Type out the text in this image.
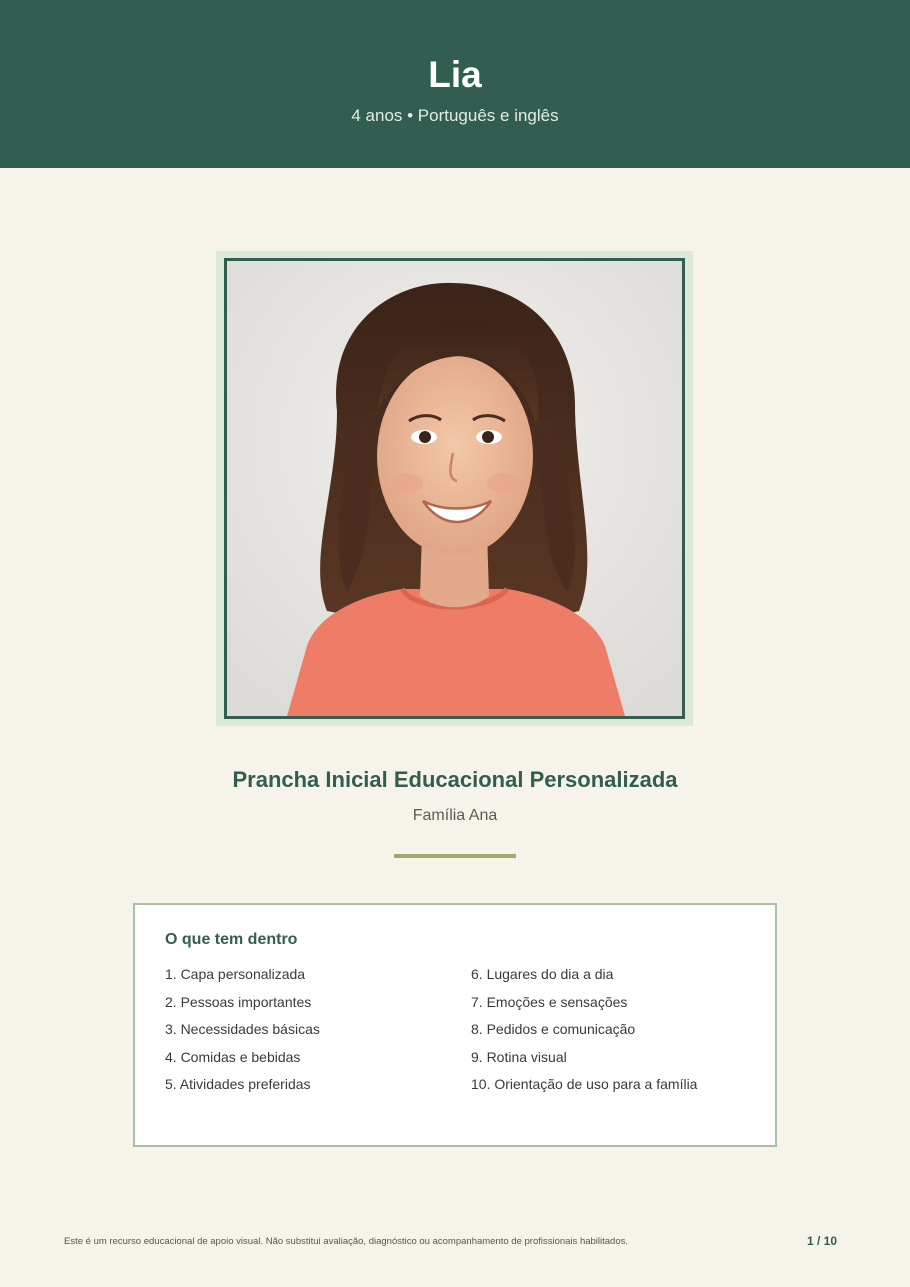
Lia
4 anos • Português e inglês
Prancha Inicial Educacional Personalizada
Família Ana
O que tem dentro
1. Capa personalizada
2. Pessoas importantes
3. Necessidades básicas
4. Comidas e bebidas
5. Atividades preferidas
6. Lugares do dia a dia
7. Emoções e sensações
8. Pedidos e comunicação
9. Rotina visual
10. Orientação de uso para a família
Este é um recurso educacional de apoio visual. Não substitui avaliação, diagnóstico ou acompanhamento de profissionais habilitados.	1 / 10
